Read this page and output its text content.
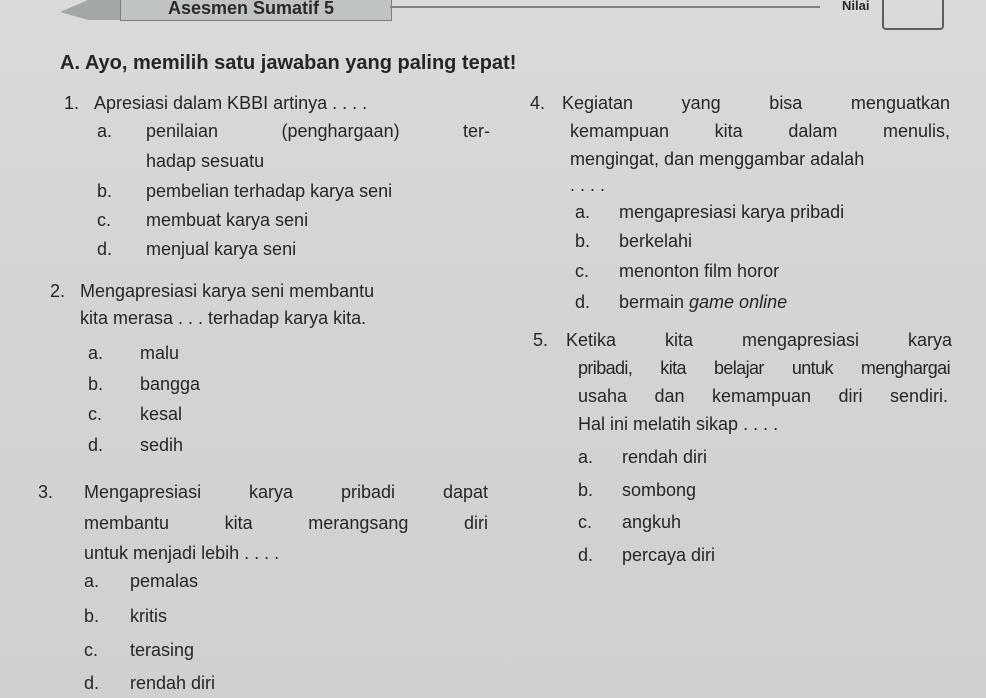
Asesmen Sumatif 5	Nilai
A. Ayo, memilih satu jawaban yang paling tepat!
1. Apresiasi dalam KBBI artinya . . . .
a. penilaian (penghargaan) ter-
hadap sesuatu
b. pembelian terhadap karya seni
c. membuat karya seni
d. menjual karya seni
2. Mengapresiasi karya seni membantu
kita merasa . . . terhadap karya kita.
a. malu
b. bangga
c. kesal
d. sedih
3. Mengapresiasi karya pribadi dapat
membantu kita merangsang diri
untuk menjadi lebih . . . .
a. pemalas
b. kritis
c. terasing
d. rendah diri
4. Kegiatan yang bisa menguatkan
kemampuan kita dalam menulis,
mengingat, dan menggambar adalah
. . . .
a. mengapresiasi karya pribadi
b. berkelahi
c. menonton film horor
d. bermain game online
5. Ketika kita mengapresiasi karya
pribadi, kita belajar untuk menghargai
usaha dan kemampuan diri sendiri.
Hal ini melatih sikap . . . .
a. rendah diri
b. sombong
c. angkuh
d. percaya diri
